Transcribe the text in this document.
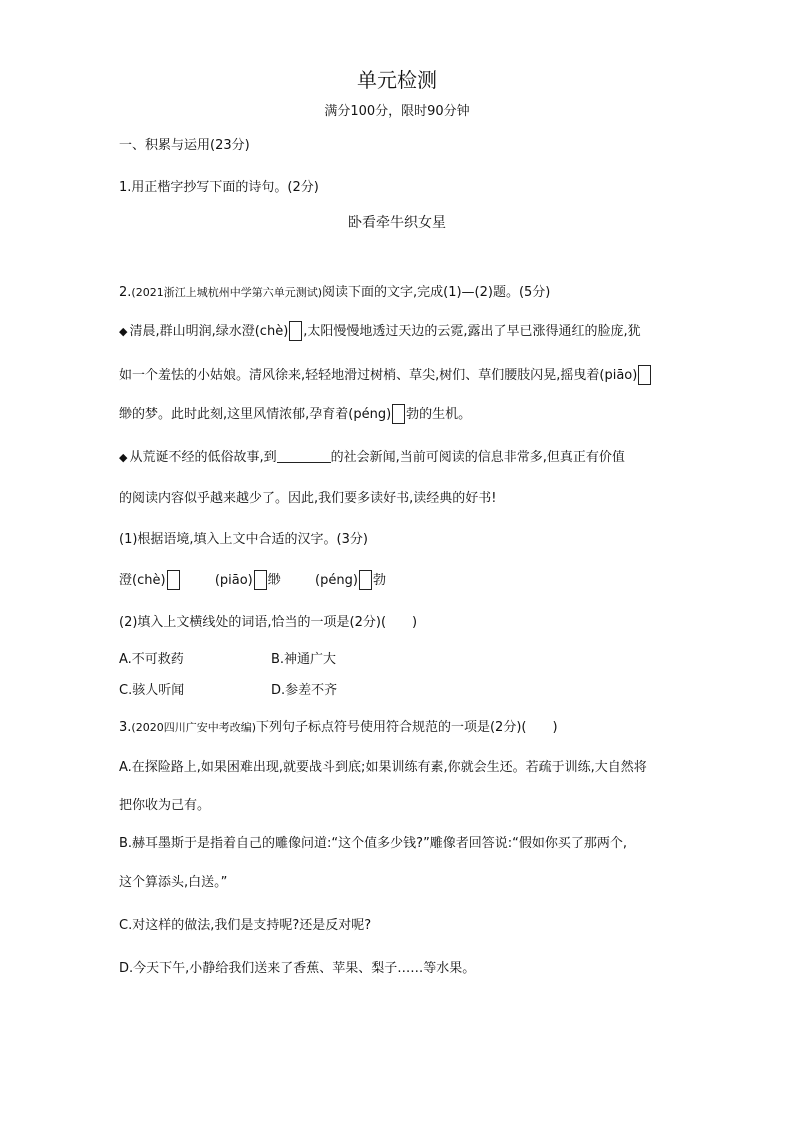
单元检测
满分100分，限时90分钟
一、积累与运用(23分)
1.用正楷字抄写下面的诗句。(2分)
卧看牵牛织女星
2.(2021浙江上城杭州中学第六单元测试)阅读下面的文字,完成(1)—(2)题。(5分)
◆ 清晨,群山明润,绿水澄(chè) ,太阳慢慢地透过天边的云霓,露出了早已涨得通红的脸庞,犹
如一个羞怯的小姑娘。清风徐来,轻轻地滑过树梢、草尖,树们、草们腰肢闪晃,摇曳着(piāo)
缈的梦。此时此刻,这里风情浓郁,孕育着(péng) 勃的生机。
◆ 从荒诞不经的低俗故事,到	的社会新闻,当前可阅读的信息非常多,但真正有价值
的阅读内容似乎越来越少了。因此,我们要多读好书,读经典的好书!
(1)根据语境,填入上文中合适的汉字。(3分)
澄(chè)	(piāo) 缈	(péng) 勃
(2)填入上文横线处的词语,恰当的一项是(2分)(　　)
A.不可救药	B.神通广大
C.骇人听闻	D.参差不齐
3.(2020四川广安中考改编)下列句子标点符号使用符合规范的一项是(2分)(　　)
A.在探险路上,如果困难出现,就要战斗到底;如果训练有素,你就会生还。若疏于训练,大自然将
把你收为己有。
B.赫耳墨斯于是指着自己的雕像问道:“这个值多少钱?”雕像者回答说:“假如你买了那两个,
这个算添头,白送。”
C.对这样的做法,我们是支持呢?还是反对呢?
D.今天下午,小静给我们送来了香蕉、苹果、梨子……等水果。
